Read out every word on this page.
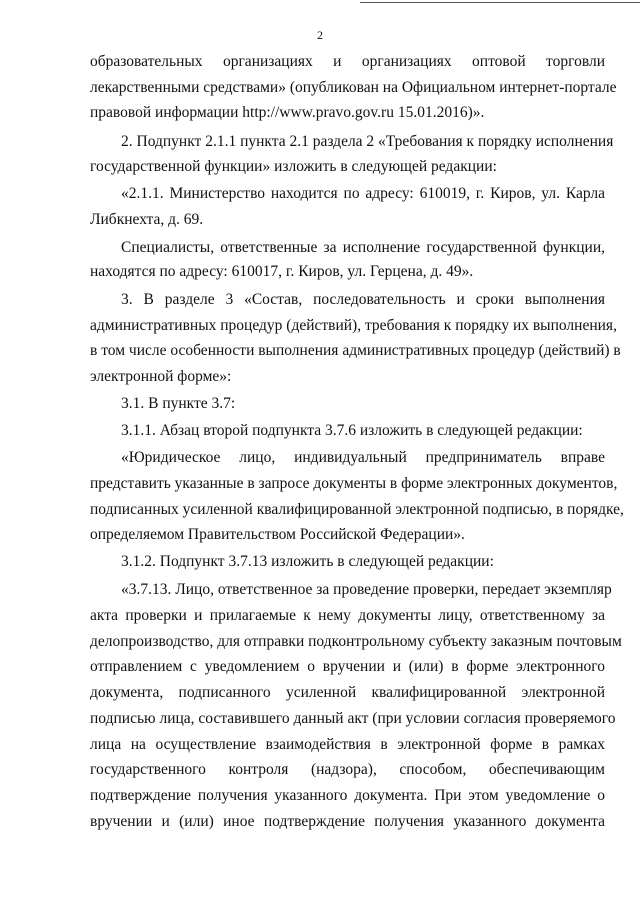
2
образовательных организациях и организациях оптовой торговли
лекарственными средствами» (опубликован на Официальном интернет-портале
правовой информации http://www.pravo.gov.ru 15.01.2016)».
2. Подпункт 2.1.1 пункта 2.1 раздела 2 «Требования к порядку исполнения
государственной функции» изложить в следующей редакции:
«2.1.1. Министерство находится по адресу: 610019, г. Киров, ул. Карла
Либкнехта, д. 69.
Специалисты, ответственные за исполнение государственной функции,
находятся по адресу: 610017, г. Киров, ул. Герцена, д. 49».
3. В разделе 3 «Состав, последовательность и сроки выполнения
административных процедур (действий), требования к порядку их выполнения,
в том числе особенности выполнения административных процедур (действий) в
электронной форме»:
3.1. В пункте 3.7:
3.1.1. Абзац второй подпункта 3.7.6 изложить в следующей редакции:
«Юридическое лицо, индивидуальный предприниматель вправе
представить указанные в запросе документы в форме электронных документов,
подписанных усиленной квалифицированной электронной подписью, в порядке,
определяемом Правительством Российской Федерации».
3.1.2. Подпункт 3.7.13 изложить в следующей редакции:
«3.7.13. Лицо, ответственное за проведение проверки, передает экземпляр
акта проверки и прилагаемые к нему документы лицу, ответственному за
делопроизводство, для отправки подконтрольному субъекту заказным почтовым
отправлением с уведомлением о вручении и (или) в форме электронного
документа, подписанного усиленной квалифицированной электронной
подписью лица, составившего данный акт (при условии согласия проверяемого
лица на осуществление взаимодействия в электронной форме в рамках
государственного контроля (надзора), способом, обеспечивающим
подтверждение получения указанного документа. При этом уведомление о
вручении и (или) иное подтверждение получения указанного документа
